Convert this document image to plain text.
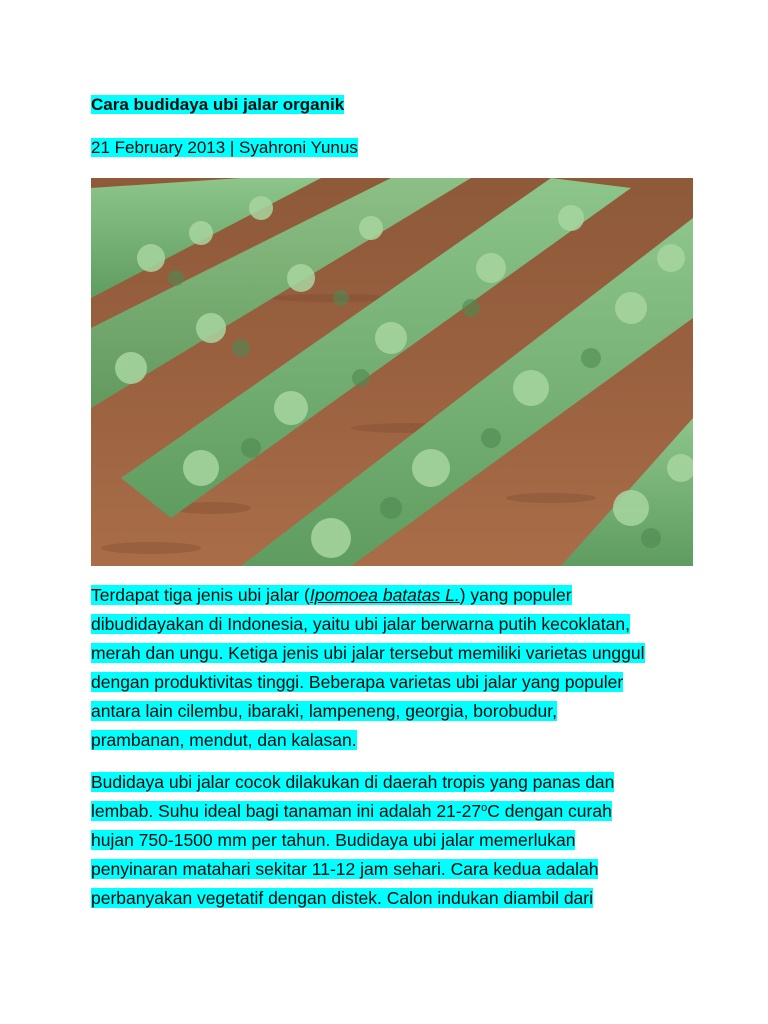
Cara budidaya ubi jalar organik
21 February 2013 | Syahroni Yunus
Terdapat tiga jenis ubi jalar (Ipomoea batatas L.) yang populer
dibudidayakan di Indonesia, yaitu ubi jalar berwarna putih kecoklatan,
merah dan ungu. Ketiga jenis ubi jalar tersebut memiliki varietas unggul
dengan produktivitas tinggi. Beberapa varietas ubi jalar yang populer
antara lain cilembu, ibaraki, lampeneng, georgia, borobudur,
prambanan, mendut, dan kalasan.
Budidaya ubi jalar cocok dilakukan di daerah tropis yang panas dan
lembab. Suhu ideal bagi tanaman ini adalah 21-27$^o$C dengan curah
hujan 750-1500 mm per tahun. Budidaya ubi jalar memerlukan
penyinaran matahari sekitar 11-12 jam sehari. Cara kedua adalah
perbanyakan vegetatif dengan distek. Calon indukan diambil dari
